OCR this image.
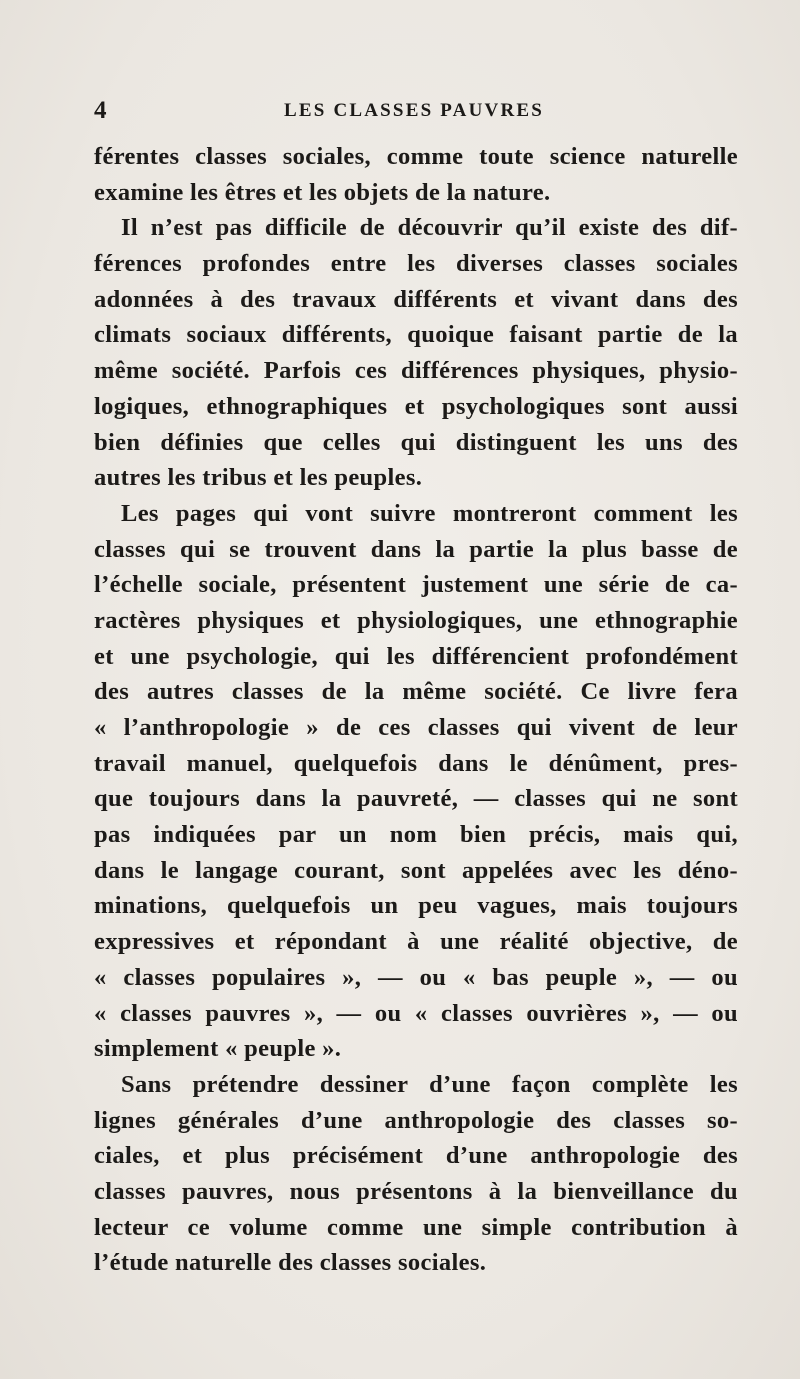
4	LES CLASSES PAUVRES
férentes classes sociales, comme toute science naturelle
examine les êtres et les objets de la nature.
Il n’est pas difficile de découvrir qu’il existe des dif-
férences profondes entre les diverses classes sociales
adonnées à des travaux différents et vivant dans des
climats sociaux différents, quoique faisant partie de la
même société. Parfois ces différences physiques, physio-
logiques, ethnographiques et psychologiques sont aussi
bien définies que celles qui distinguent les uns des
autres les tribus et les peuples.
Les pages qui vont suivre montreront comment les
classes qui se trouvent dans la partie la plus basse de
l’échelle sociale, présentent justement une série de ca-
ractères physiques et physiologiques, une ethnographie
et une psychologie, qui les différencient profondément
des autres classes de la même société. Ce livre fera
« l’anthropologie » de ces classes qui vivent de leur
travail manuel, quelquefois dans le dénûment, pres-
que toujours dans la pauvreté, — classes qui ne sont
pas indiquées par un nom bien précis, mais qui,
dans le langage courant, sont appelées avec les déno-
minations, quelquefois un peu vagues, mais toujours
expressives et répondant à une réalité objective, de
« classes populaires », — ou « bas peuple », — ou
« classes pauvres », — ou « classes ouvrières », — ou
simplement « peuple ».
Sans prétendre dessiner d’une façon complète les
lignes générales d’une anthropologie des classes so-
ciales, et plus précisément d’une anthropologie des
classes pauvres, nous présentons à la bienveillance du
lecteur ce volume comme une simple contribution à
l’étude naturelle des classes sociales.
